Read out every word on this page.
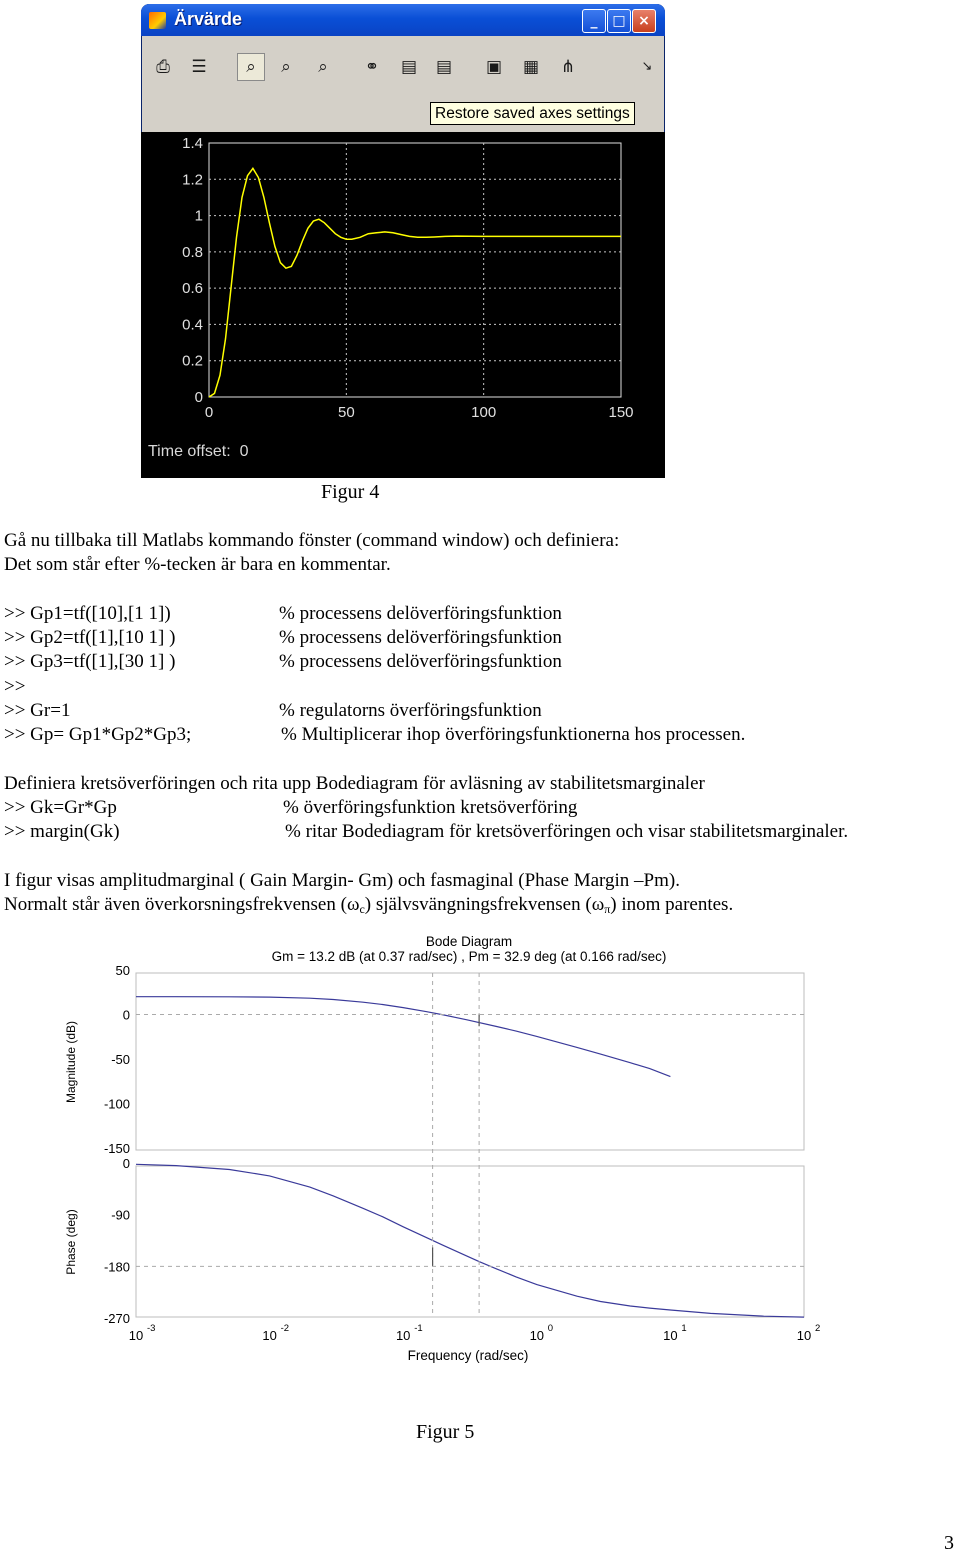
Ärvärde	_	□ ×
⎙	☰	⌕	⌕	⌕	⚭	▤ ▤ ▣ ▦	⋔	↘
Restore saved axes settings
0
0.2
0.4
0.6
0.8
1
1.2
1.4
0	50	100	150
Time offset: 0
Figur 4
Gå nu tillbaka till Matlabs kommando fönster (command window) och definiera:
Det som står efter %-tecken är bara en kommentar.
>> Gp1=tf([10],[1 1])	% processens delöverföringsfunktion
>> Gp2=tf([1],[10 1] )	% processens delöverföringsfunktion
>> Gp3=tf([1],[30 1] )	% processens delöverföringsfunktion
>>
>> Gr=1	% regulatorns överföringsfunktion
>> Gp= Gp1*Gp2*Gp3;	% Multiplicerar ihop överföringsfunktionerna hos processen.
Definiera kretsöverföringen och rita upp Bodediagram för avläsning av stabilitetsmarginaler
>> Gk=Gr*Gp	% överföringsfunktion kretsöverföring
>> margin(Gk)	% ritar Bodediagram för kretsöverföringen och visar stabilitetsmarginaler.
I figur visas amplitudmarginal ( Gain Margin- Gm) och fasmaginal (Phase Margin –Pm).
Normalt står även överkorsningsfrekvensen $(\omega_c)$ självsvängningsfrekvensen $(\omega_\pi)$ inom parentes.
Bode Diagram
Gm = 13.2 dB (at 0.37 rad/sec) , Pm = 32.9 deg (at 0.166 rad/sec)
Frequency (rad/sec)
Magnitude (dB)
Phase (deg)
50
0
-50
-100
-150
0
-90
-180
-270
10 -3	10 -2	10 -1	10 0	10 1	10 2
Figur 5
3
